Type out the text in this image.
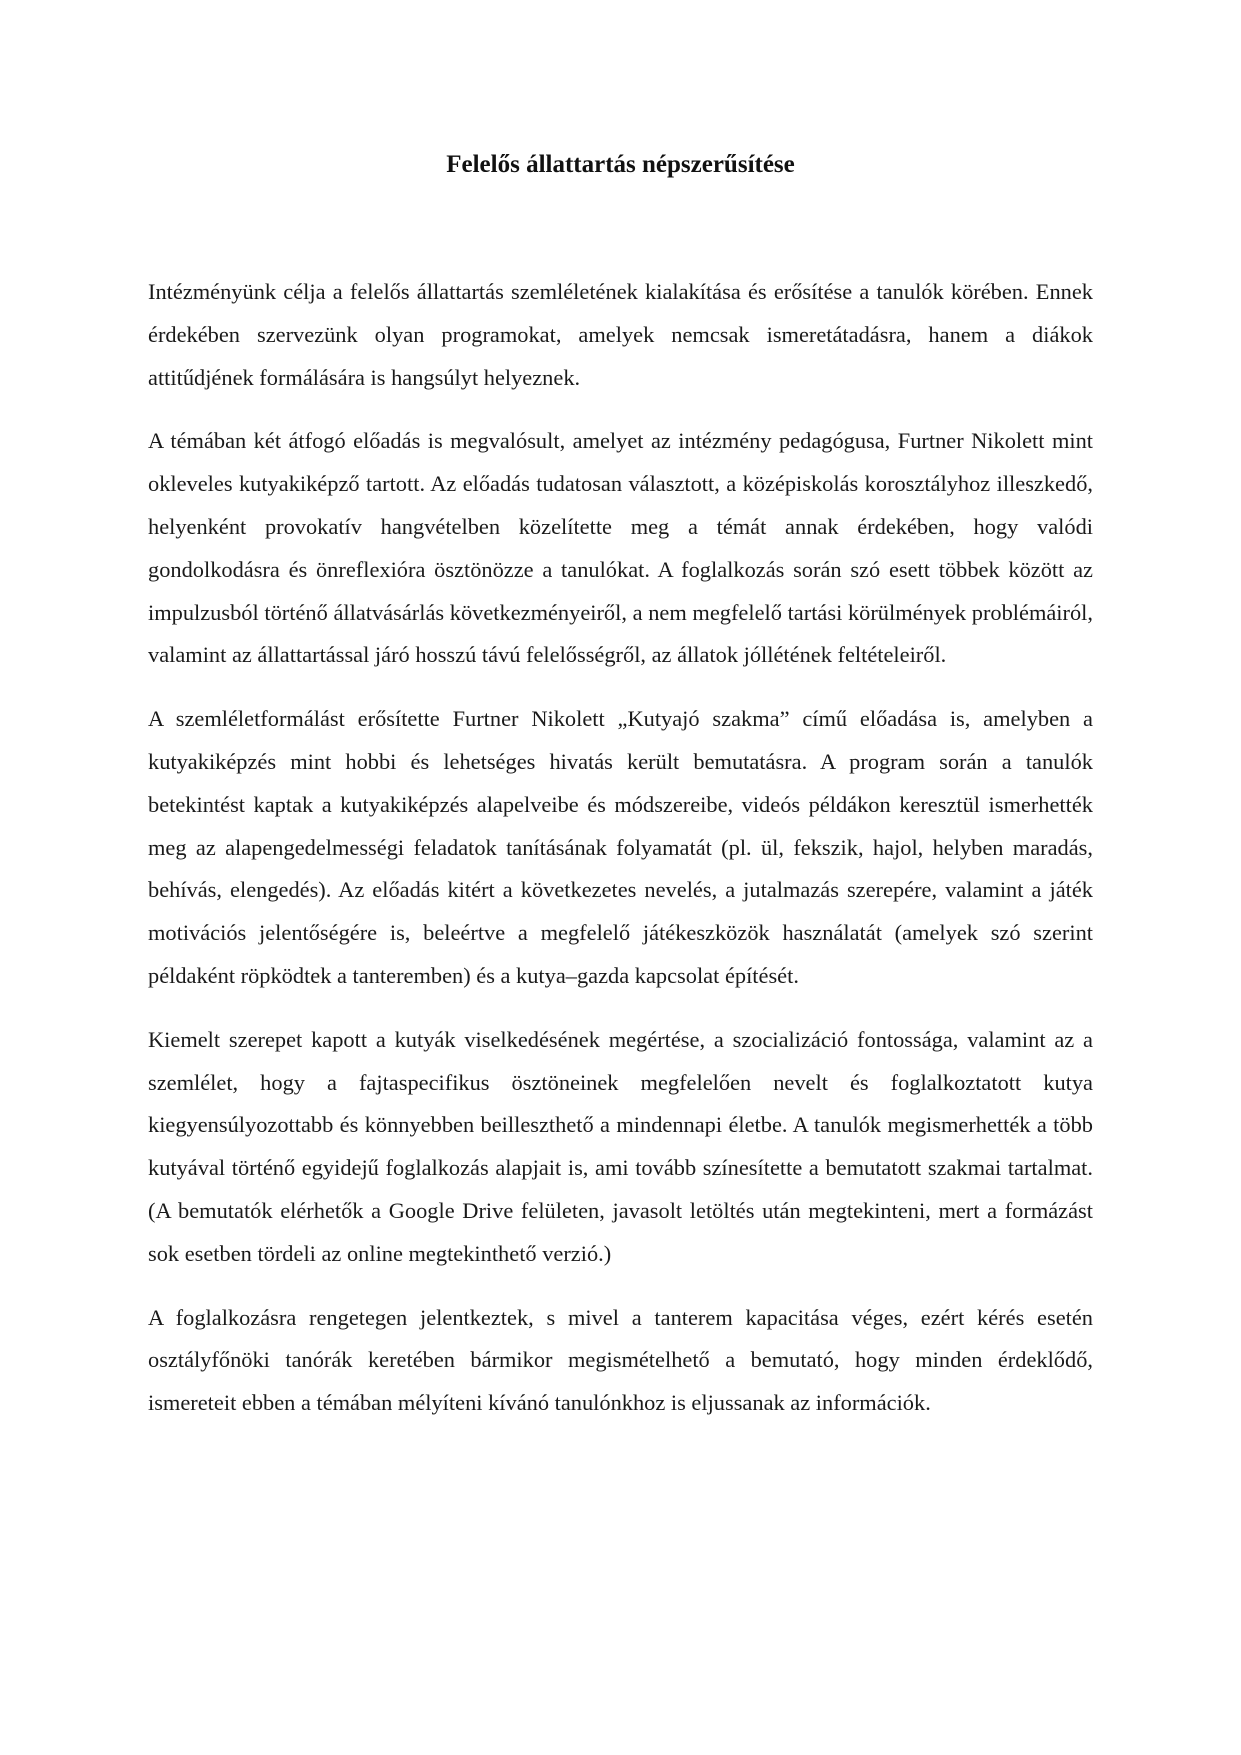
Felelős állattartás népszerűsítése

Intézményünk célja a felelős állattartás szemléletének kialakítása és erősítése a tanulók körében. Ennek érdekében szervezünk olyan programokat, amelyek nemcsak ismeretátadásra, hanem a diákok attitűdjének formálására is hangsúlyt helyeznek.

A témában két átfogó előadás is megvalósult, amelyet az intézmény pedagógusa, Furtner Nikolett mint okleveles kutyakiképző tartott. Az előadás tudatosan választott, a középiskolás korosztályhoz illeszkedő, helyenként provokatív hangvételben közelítette meg a témát annak érdekében, hogy valódi gondolkodásra és önreflexióra ösztönözze a tanulókat. A foglalkozás során szó esett többek között az impulzusból történő állatvásárlás következményeiről, a nem megfelelő tartási körülmények problémáiról, valamint az állattartással járó hosszú távú felelősségről, az állatok jóllétének feltételeiről.

A szemléletformálást erősítette Furtner Nikolett „Kutyajó szakma” című előadása is, amelyben a kutyakiképzés mint hobbi és lehetséges hivatás került bemutatásra. A program során a tanulók betekintést kaptak a kutyakiképzés alapelveibe és módszereibe, videós példákon keresztül ismerhették meg az alapengedelmességi feladatok tanításának folyamatát (pl. ül, fekszik, hajol, helyben maradás, behívás, elengedés). Az előadás kitért a következetes nevelés, a jutalmazás szerepére, valamint a játék motivációs jelentőségére is, beleértve a megfelelő játékeszközök használatát (amelyek szó szerint példaként röpködtek a tanteremben) és a kutya–gazda kapcsolat építését.

Kiemelt szerepet kapott a kutyák viselkedésének megértése, a szocializáció fontossága, valamint az a szemlélet, hogy a fajtaspecifikus ösztöneinek megfelelően nevelt és foglalkoztatott kutya kiegyensúlyozottabb és könnyebben beilleszthető a mindennapi életbe. A tanulók megismerhették a több kutyával történő egyidejű foglalkozás alapjait is, ami tovább színesítette a bemutatott szakmai tartalmat. (A bemutatók elérhetők a Google Drive felületen, javasolt letöltés után megtekinteni, mert a formázást sok esetben tördeli az online megtekinthető verzió.)

A foglalkozásra rengetegen jelentkeztek, s mivel a tanterem kapacitása véges, ezért kérés esetén osztályfőnöki tanórák keretében bármikor megismételhető a bemutató, hogy minden érdeklődő, ismereteit ebben a témában mélyíteni kívánó tanulónkhoz is eljussanak az információk.
